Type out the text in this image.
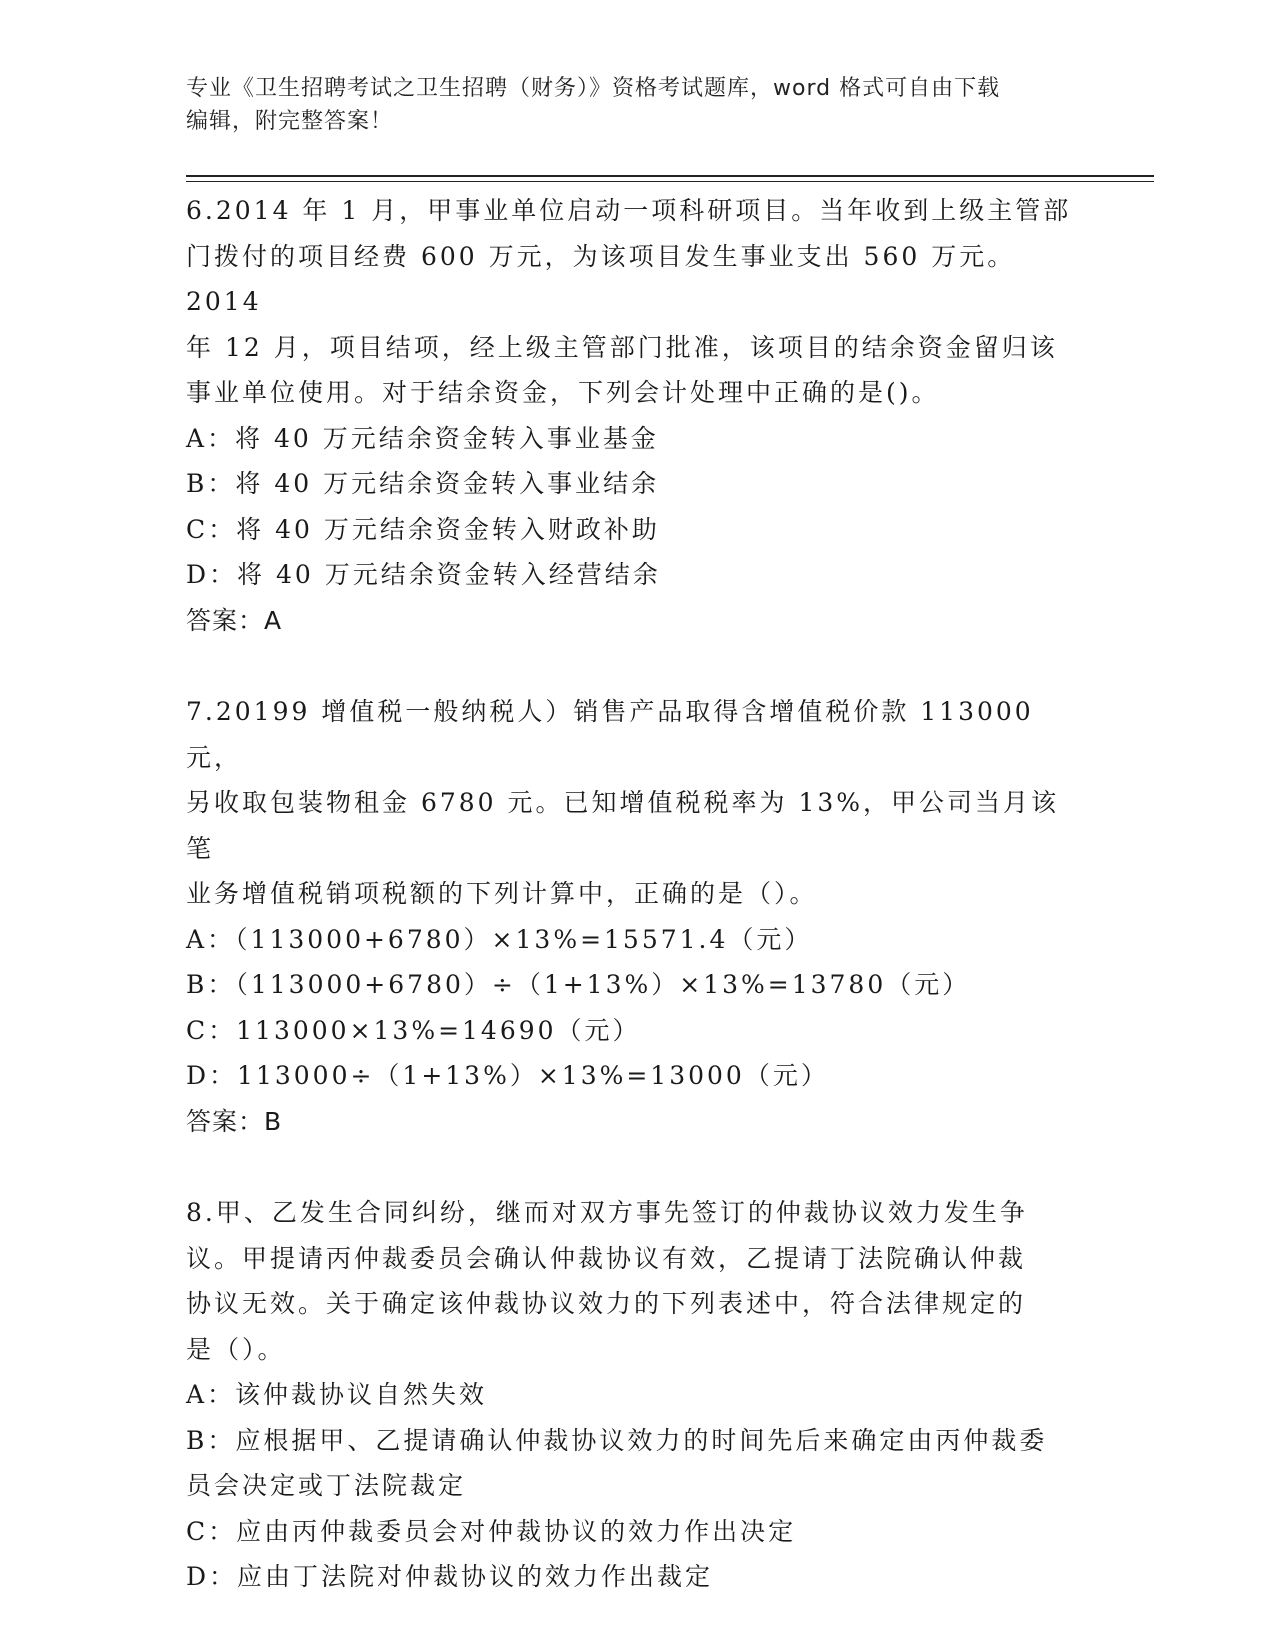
专业《卫生招聘考试之卫生招聘（财务）》资格考试题库，word 格式可自由下载
编辑，附完整答案！

6.2014 年 1 月，甲事业单位启动一项科研项目。当年收到上级主管部

门拨付的项目经费 600 万元，为该项目发生事业支出 560 万元。2014

年 12 月，项目结项，经上级主管部门批准，该项目的结余资金留归该

事业单位使用。对于结余资金，下列会计处理中正确的是()。

A：将 40 万元结余资金转入事业基金

B：将 40 万元结余资金转入事业结余

C：将 40 万元结余资金转入财政补助

D：将 40 万元结余资金转入经营结余

答案：A

7.20199 增值税一般纳税人）销售产品取得含增值税价款 113000 元，

另收取包装物租金 6780 元。已知增值税税率为 13%，甲公司当月该笔

业务增值税销项税额的下列计算中，正确的是（）。

A：（113000+6780）×13%=15571.4（元）

B：（113000+6780）÷（1+13%）×13%=13780（元）

C：113000×13%=14690（元）

D：113000÷（1+13%）×13%=13000（元）

答案：B

8.甲、乙发生合同纠纷，继而对双方事先签订的仲裁协议效力发生争

议。甲提请丙仲裁委员会确认仲裁协议有效，乙提请丁法院确认仲裁

协议无效。关于确定该仲裁协议效力的下列表述中，符合法律规定的

是（）。

A：该仲裁协议自然失效

B：应根据甲、乙提请确认仲裁协议效力的时间先后来确定由丙仲裁委

员会决定或丁法院裁定

C：应由丙仲裁委员会对仲裁协议的效力作出决定

D：应由丁法院对仲裁协议的效力作出裁定
